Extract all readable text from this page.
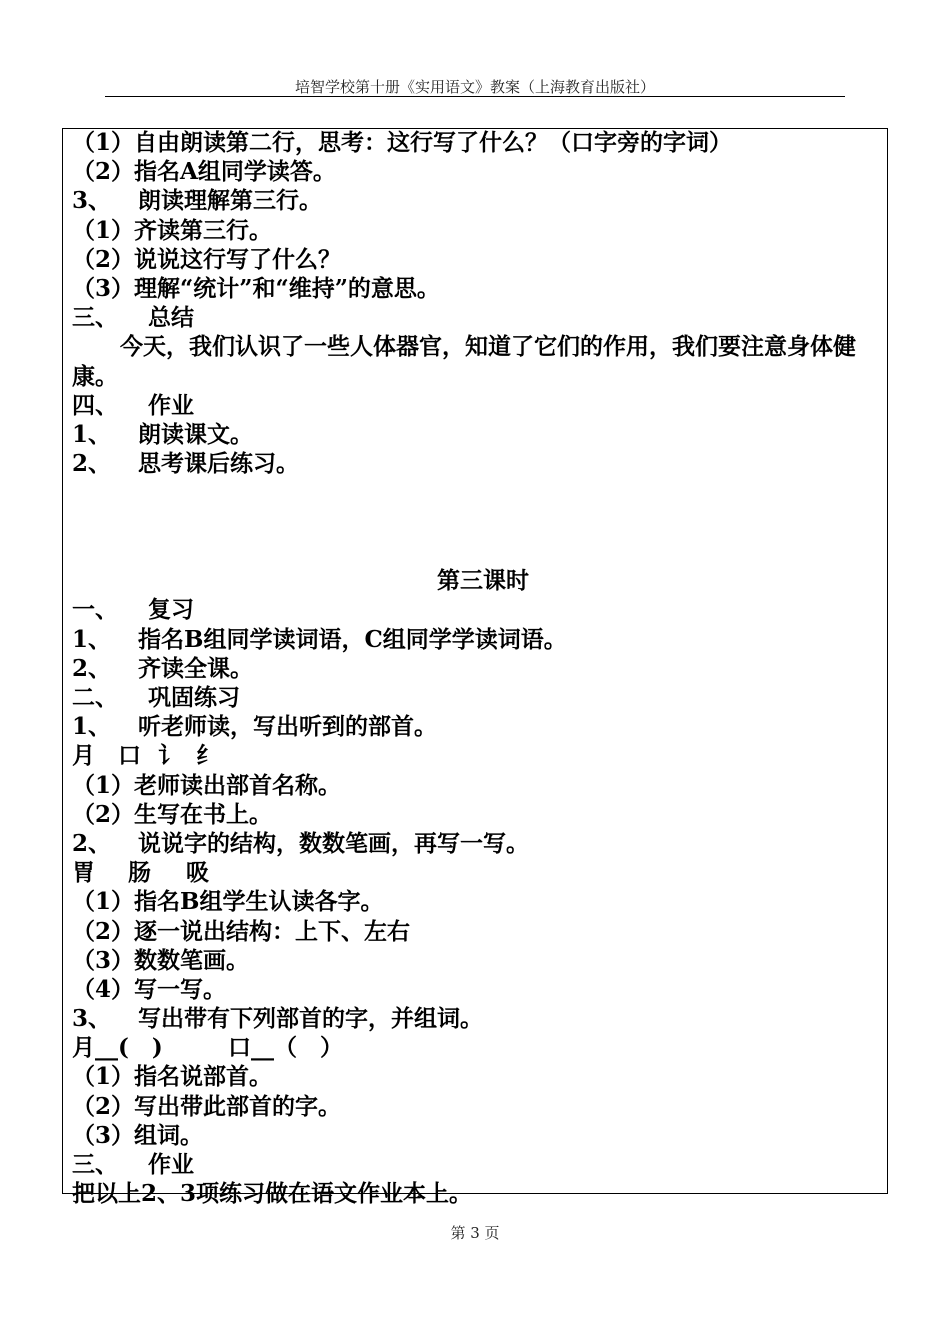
培智学校第十册《实用语文》教案（上海教育出版社）
（1）自由朗读第二行，思考：这行写了什么？（口字旁的字词）
（2）指名A组同学读答。
3、 朗读理解第三行。
（1）齐读第三行。
（2）说说这行写了什么？
（3）理解“统计”和“维持”的意思。
三、 总结
今天，我们认识了一些人体器官，知道了它们的作用，我们要注意身体健康。
四、 作业
1、 朗读课文。
2、 思考课后练习。
第三课时
一、 复习
1、 指名B组同学读词语，C组同学学读词语。
2、 齐读全课。
二、 巩固练习
1、 听老师读，写出听到的部首。
月 口 讠 纟
（1）老师读出部首名称。
（2）生写在书上。
2、 说说字的结构，数数笔画，再写一写。
胃 肠 吸
（1）指名B组学生认读各字。
（2）逐一说出结构：上下、左右
（3）数数笔画。
（4）写一写。
3、 写出带有下列部首的字，并组词。
月__(　)	口__（　）
（1）指名说部首。
（2）写出带此部首的字。
（3）组词。
三、 作业
把以上2、3项练习做在语文作业本上。
第 3 页
